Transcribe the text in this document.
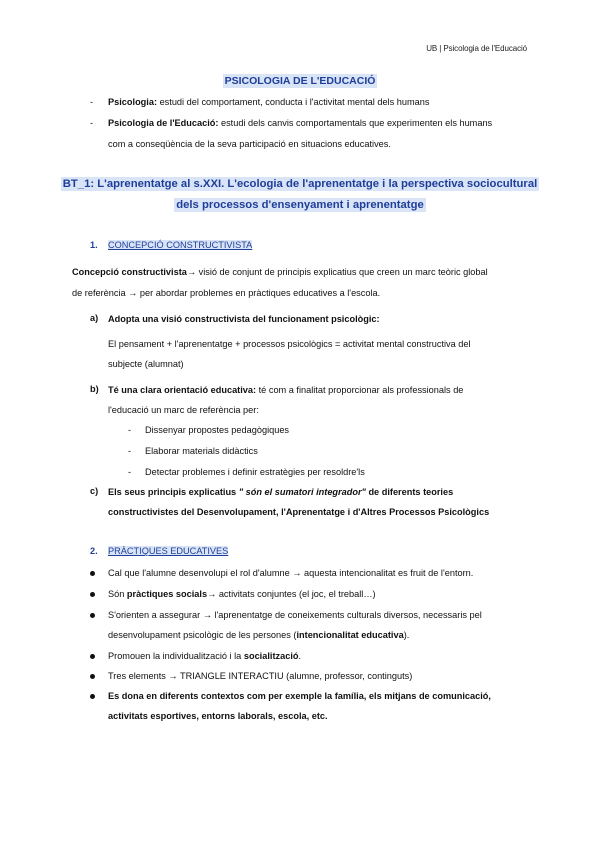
UB | Psicologia de l'Educació
PSICOLOGIA DE L'EDUCACIÓ
- Psicologia: estudi del comportament, conducta i l'activitat mental dels humans
- Psicologia de l'Educació: estudi dels canvis comportamentals que experimenten els humans
com a conseqüència de la seva participació en situacions educatives.
BT_1: L'aprenentatge al s.XXI. L'ecologia de l'aprenentatge i la perspectiva sociocultural
dels processos d'ensenyament i aprenentatge
1. CONCEPCIÓ CONSTRUCTIVISTA
Concepció constructivista→ visió de conjunt de principis explicatius que creen un marc teòric global
de referència → per abordar problemes en pràctiques educatives a l'escola.
a) Adopta una visió constructivista del funcionament psicològic:
El pensament + l'aprenentatge + processos psicològics = activitat mental constructiva del
subjecte (alumnat)
b) Té una clara orientació educativa: té com a finalitat proporcionar als professionals de
l'educació un marc de referència per:
- Dissenyar propostes pedagògiques
- Elaborar materials didàctics
- Detectar problemes i definir estratègies per resoldre'ls
c) Els seus principis explicatius " són el sumatori integrador" de diferents teories
constructivistes del Desenvolupament, l'Aprenentatge i d'Altres Processos Psicològics
2. PRÀCTIQUES EDUCATIVES
Cal que l'alumne desenvolupi el rol d'alumne → aquesta intencionalitat es fruit de l'entorn.
Són pràctiques socials→ activitats conjuntes (el joc, el treball…)
S'orienten a assegurar → l'aprenentatge de coneixements culturals diversos, necessaris pel
desenvolupament psicològic de les persones (intencionalitat educativa).
Promouen la individualització i la socialització.
Tres elements → TRIANGLE INTERACTIU (alumne, professor, continguts)
Es dona en diferents contextos com per exemple la família, els mitjans de comunicació,
activitats esportives, entorns laborals, escola, etc.
